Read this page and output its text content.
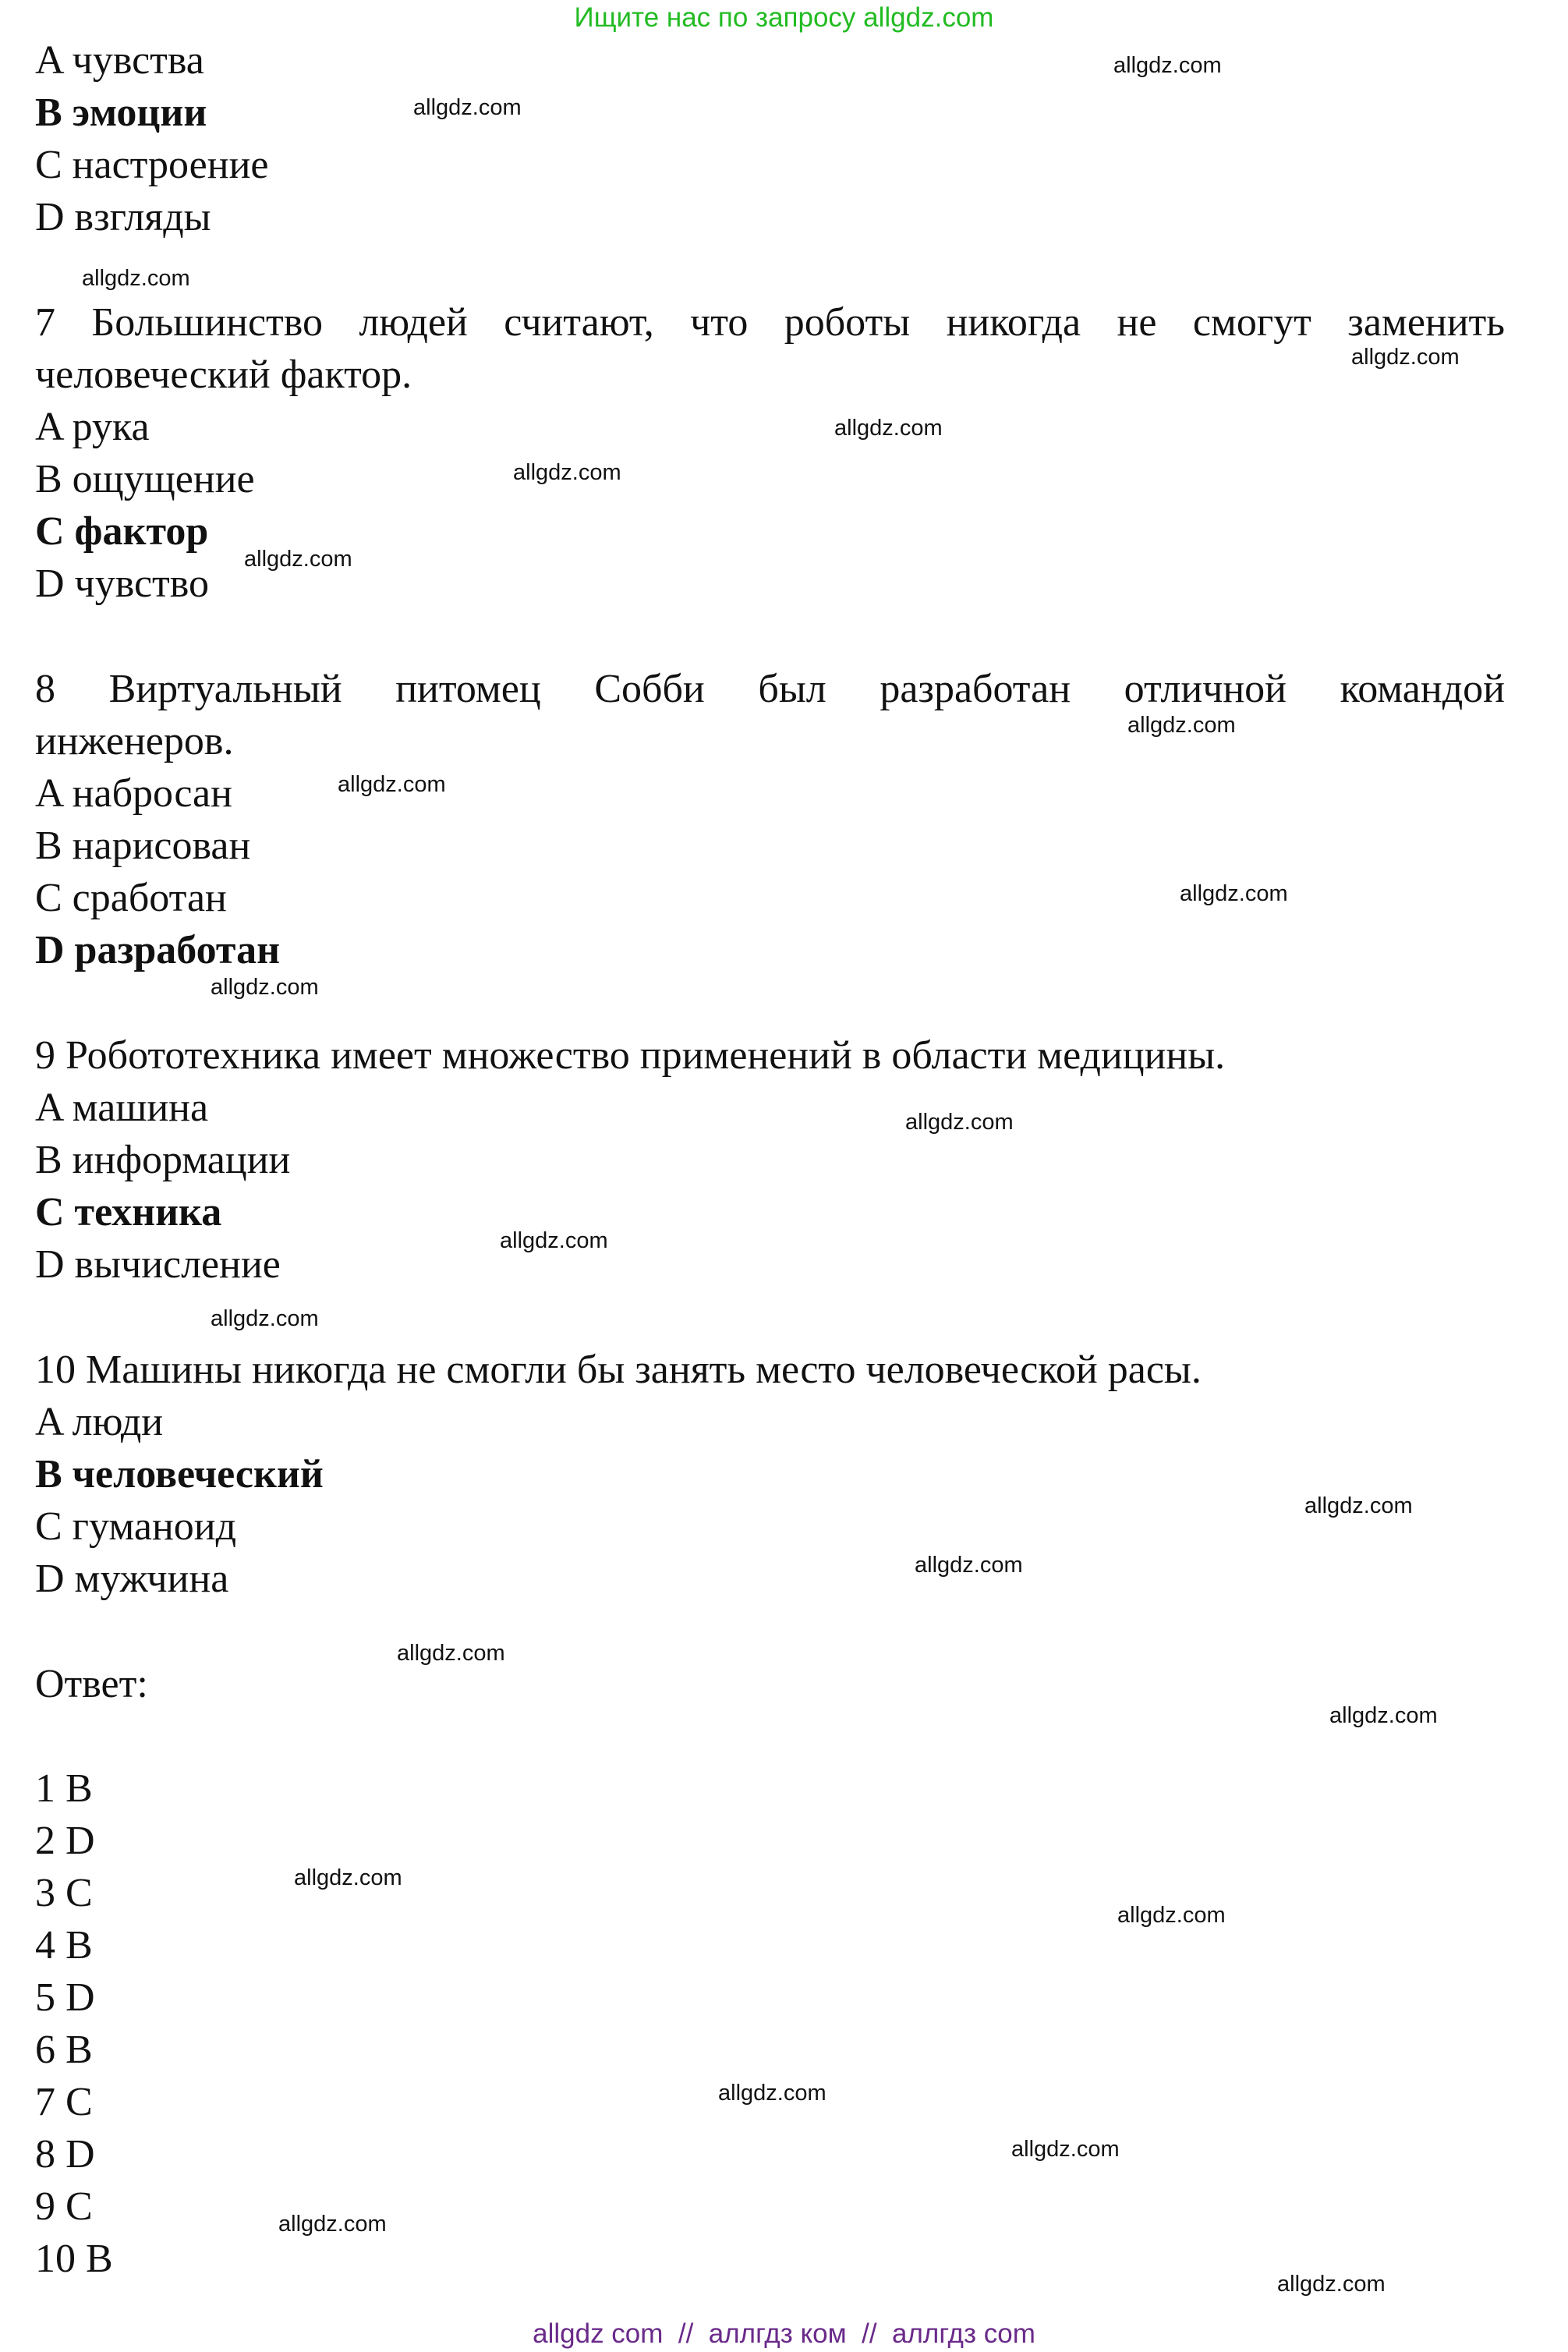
Ищите нас по запросу allgdz.com
A чувства
B эмоции
C настроение
D взгляды
7 Большинство людей считают, что роботы никогда не смогут заменить
человеческий фактор.
A рука
B ощущение
C фактор
D чувство
8 Виртуальный питомец Собби был разработан отличной командой
инженеров.
A набросан
B нарисован
C сработан
D разработан
9 Робототехника имеет множество применений в области медицины.
A машина
B информации
C техника
D вычисление
10 Машины никогда не смогли бы занять место человеческой расы.
A люди
B человеческий
C гуманоид
D мужчина
Ответ:
1 B
2 D
3 C
4 B
5 D
6 B
7 C
8 D
9 C
10 B
allgdz.com
allgdz.com
allgdz.com
allgdz.com
allgdz.com
allgdz.com
allgdz.com
allgdz.com
allgdz.com
allgdz.com
allgdz.com
allgdz.com
allgdz.com
allgdz.com
allgdz.com
allgdz.com
allgdz.com
allgdz.com
allgdz.com
allgdz.com
allgdz.com
allgdz.com
allgdz.com
allgdz.com
allgdz com  //  аллгдз ком  //  аллгдз com
